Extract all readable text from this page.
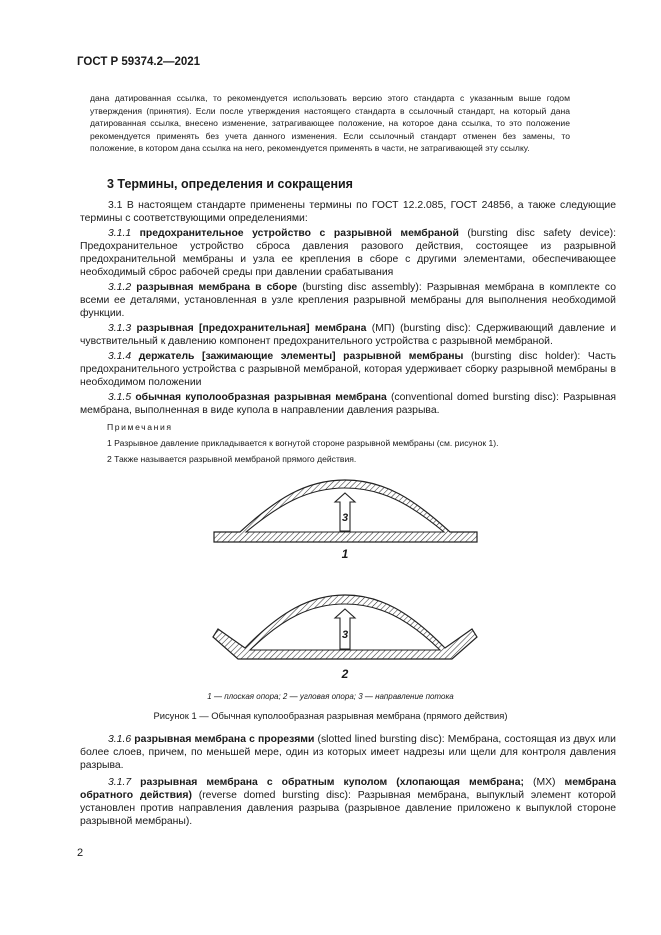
ГОСТ Р 59374.2—2021
дана датированная ссылка, то рекомендуется использовать версию этого стандарта с указанным выше годом утверждения (принятия). Если после утверждения настоящего стандарта в ссылочный стандарт, на который дана датированная ссылка, внесено изменение, затрагивающее положение, на которое дана ссылка, то это положение рекомендуется применять без учета данного изменения. Если ссылочный стандарт отменен без замены, то положение, в котором дана ссылка на него, рекомендуется применять в части, не затрагивающей эту ссылку.
3 Термины, определения и сокращения

3.1 В настоящем стандарте применены термины по ГОСТ 12.2.085, ГОСТ 24856, а также следующие термины с соответствующими определениями:

3.1.1 предохранительное устройство с разрывной мембраной (bursting disc safety device): Предохранительное устройство сброса давления разового действия, состоящее из разрывной предохранительной мембраны и узла ее крепления в сборе с другими элементами, обеспечивающее необходимый сброс рабочей среды при давлении срабатывания

3.1.2 разрывная мембрана в сборе (bursting disc assembly): Разрывная мембрана в комплекте со всеми ее деталями, установленная в узле крепления разрывной мембраны для выполнения необходимой функции.

3.1.3 разрывная [предохранительная] мембрана (МП) (bursting disc): Сдерживающий давление и чувствительный к давлению компонент предохранительного устройства с разрывной мембраной.

3.1.4 держатель [зажимающие элементы] разрывной мембраны (bursting disc holder): Часть предохранительного устройства с разрывной мембраной, которая удерживает сборку разрывной мембраны в необходимом положении

3.1.5 обычная куполообразная разрывная мембрана (conventional domed bursting disc): Разрывная мембрана, выполненная в виде купола в направлении давления разрыва.

Примечания

1 Разрывное давление прикладывается к вогнутой стороне разрывной мембраны (см. рисунок 1).

2 Также называется разрывной мембраной прямого действия.

3
1
3
2
1 — плоская опора; 2 — угловая опора; 3 — направление потока
Рисунок 1 — Обычная куполообразная разрывная мембрана (прямого действия)

3.1.6 разрывная мембрана с прорезями (slotted lined bursting disc): Мембрана, состоящая из двух или более слоев, причем, по меньшей мере, один из которых имеет надрезы или щели для контроля давления разрыва.

3.1.7 разрывная мембрана с обратным куполом (хлопающая мембрана; (МХ) мембрана обратного действия) (reverse domed bursting disc): Разрывная мембрана, выпуклый элемент которой установлен против направления давления разрыва (разрывное давление приложено к выпуклой стороне разрывной мембраны).

2
